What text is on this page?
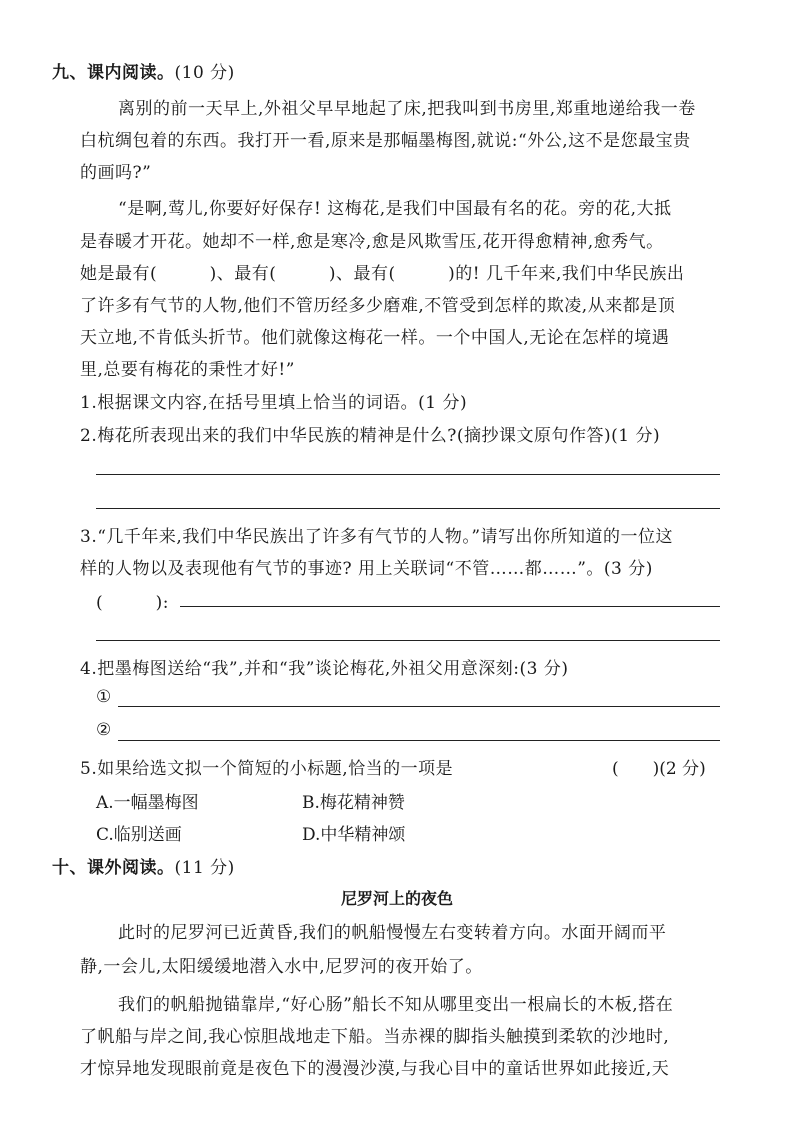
九、课内阅读。(10 分)
离别的前一天早上,外祖父早早地起了床,把我叫到书房里,郑重地递给我一卷
白杭绸包着的东西。我打开一看,原来是那幅墨梅图,就说:“外公,这不是您最宝贵
的画吗?”
“是啊,莺儿,你要好好保存! 这梅花,是我们中国最有名的花。旁的花,大抵
是春暖才开花。她却不一样,愈是寒冷,愈是风欺雪压,花开得愈精神,愈秀气。
她是最有(　　　)、最有(　　　)、最有(　　　)的! 几千年来,我们中华民族出
了许多有气节的人物,他们不管历经多少磨难,不管受到怎样的欺凌,从来都是顶
天立地,不肯低头折节。他们就像这梅花一样。一个中国人,无论在怎样的境遇
里,总要有梅花的秉性才好!”
1.根据课文内容,在括号里填上恰当的词语。(1 分)
2.梅花所表现出来的我们中华民族的精神是什么?(摘抄课文原句作答)(1 分)
3.“几千年来,我们中华民族出了许多有气节的人物。”请写出你所知道的一位这
样的人物以及表现他有气节的事迹? 用上关联词“不管……都……”。(3 分)
(　　　):
4.把墨梅图送给“我”,并和“我”谈论梅花,外祖父用意深刻:(3 分)
①
②
5.如果给选文拟一个简短的小标题,恰当的一项是	(　　)(2 分)
A.一幅墨梅图	B.梅花精神赞
C.临别送画	D.中华精神颂
十、课外阅读。(11 分)
尼罗河上的夜色
此时的尼罗河已近黄昏,我们的帆船慢慢左右变转着方向。水面开阔而平
静,一会儿,太阳缓缓地潜入水中,尼罗河的夜开始了。
我们的帆船抛锚靠岸,“好心肠”船长不知从哪里变出一根扁长的木板,搭在
了帆船与岸之间,我心惊胆战地走下船。当赤裸的脚指头触摸到柔软的沙地时,
才惊异地发现眼前竟是夜色下的漫漫沙漠,与我心目中的童话世界如此接近,天
